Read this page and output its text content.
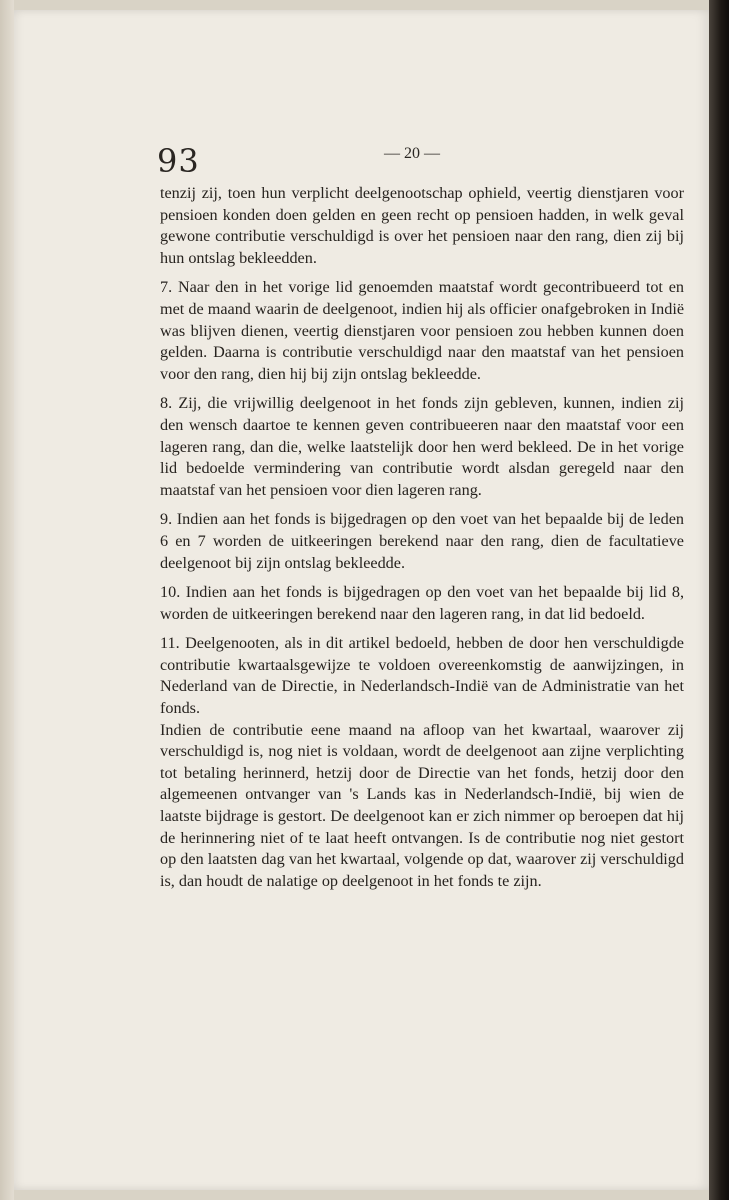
93	— 20 —

tenzij zij, toen hun verplicht deelgenootschap ophield, veertig dienstjaren voor pensioen konden doen gelden en geen recht op pensioen hadden, in welk geval gewone contributie verschuldigd is over het pensioen naar den rang, dien zij bij hun ontslag bekleedden.

7. Naar den in het vorige lid genoemden maatstaf wordt gecontribueerd tot en met de maand waarin de deelgenoot, indien hij als officier onafgebroken in Indië was blijven dienen, veertig dienstjaren voor pensioen zou hebben kunnen doen gelden. Daarna is contributie verschuldigd naar den maatstaf van het pensioen voor den rang, dien hij bij zijn ontslag bekleedde.

8. Zij, die vrijwillig deelgenoot in het fonds zijn gebleven, kunnen, indien zij den wensch daartoe te kennen geven contribueeren naar den maatstaf voor een lageren rang, dan die, welke laatstelijk door hen werd bekleed. De in het vorige lid bedoelde vermindering van contributie wordt alsdan geregeld naar den maatstaf van het pensioen voor dien lageren rang.

9. Indien aan het fonds is bijgedragen op den voet van het bepaalde bij de leden 6 en 7 worden de uitkeeringen berekend naar den rang, dien de facultatieve deelgenoot bij zijn ontslag bekleedde.

10. Indien aan het fonds is bijgedragen op den voet van het bepaalde bij lid 8, worden de uitkeeringen berekend naar den lageren rang, in dat lid bedoeld.

11. Deelgenooten, als in dit artikel bedoeld, hebben de door hen verschuldigde contributie kwartaalsgewijze te voldoen overeenkomstig de aanwijzingen, in Nederland van de Directie, in Nederlandsch-Indië van de Administratie van het fonds.

Indien de contributie eene maand na afloop van het kwartaal, waarover zij verschuldigd is, nog niet is voldaan, wordt de deelgenoot aan zijne verplichting tot betaling herinnerd, hetzij door de Directie van het fonds, hetzij door den algemeenen ontvanger van 's Lands kas in Nederlandsch-Indië, bij wien de laatste bijdrage is gestort. De deelgenoot kan er zich nimmer op beroepen dat hij de herinnering niet of te laat heeft ontvangen. Is de contributie nog niet gestort op den laatsten dag van het kwartaal, volgende op dat, waarover zij verschuldigd is, dan houdt de nalatige op deelgenoot in het fonds te zijn.
